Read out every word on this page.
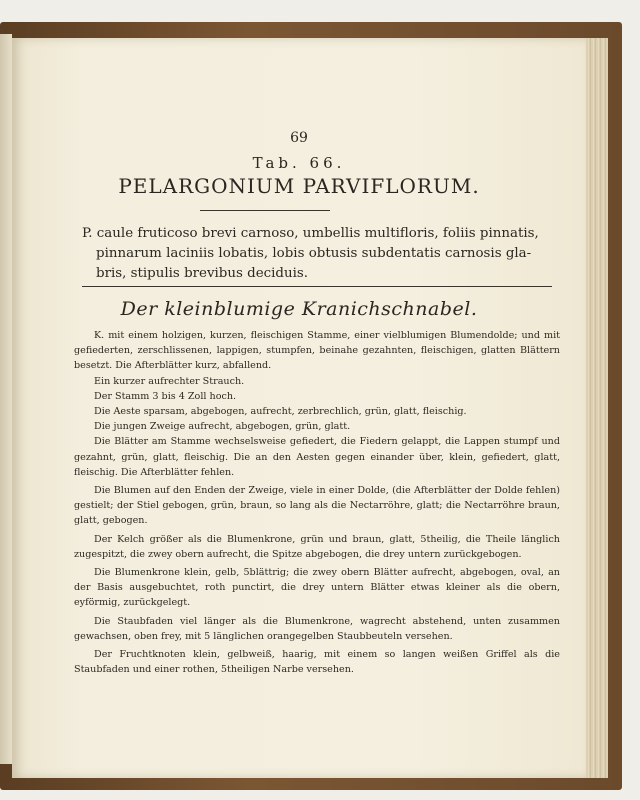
69
Tab. 66.
PELARGONIUM PARVIFLORUM.
P. caule fruticoso brevi carnoso, umbellis multifloris, foliis pinnatis,
pinnarum laciniis lobatis, lobis obtusis subdentatis carnosis gla-
bris, stipulis brevibus deciduis.
Der kleinblumige Kranichschnabel.

K. mit einem holzigen, kurzen, fleischigen Stamme, einer vielblumigen Blumendolde; und mit gefiederten, zerschlissenen, lappigen, stumpfen, beinahe gezahnten, fleischigen, glatten Blättern besetzt. Die Afterblätter kurz, abfallend.

Ein kurzer aufrechter Strauch.

Der Stamm 3 bis 4 Zoll hoch.

Die Aeste sparsam, abgebogen, aufrecht, zerbrechlich, grün, glatt, fleischig.

Die jungen Zweige aufrecht, abgebogen, grün, glatt.

Die Blätter am Stamme wechselsweise gefiedert, die Fiedern gelappt, die Lappen stumpf und gezahnt, grün, glatt, fleischig. Die an den Aesten gegen einander über, klein, gefiedert, glatt, fleischig. Die Afterblätter fehlen.

Die Blumen auf den Enden der Zweige, viele in einer Dolde, (die Afterblätter der Dolde fehlen) gestielt; der Stiel gebogen, grün, braun, so lang als die Nectarröhre, glatt; die Nectarröhre braun, glatt, gebogen.

Der Kelch größer als die Blumenkrone, grün und braun, glatt, 5theilig, die Theile länglich zugespitzt, die zwey obern aufrecht, die Spitze abgebogen, die drey untern zurückgebogen.

Die Blumenkrone klein, gelb, 5blättrig; die zwey obern Blätter aufrecht, abgebogen, oval, an der Basis ausgebuchtet, roth punctirt, die drey untern Blätter etwas kleiner als die obern, eyförmig, zurückgelegt.

Die Staubfaden viel länger als die Blumenkrone, wagrecht abstehend, unten zusammen gewachsen, oben frey, mit 5 länglichen orangegelben Staubbeuteln versehen.

Der Fruchtknoten klein, gelbweiß, haarig, mit einem so langen weißen Griffel als die Staubfaden und einer rothen, 5theiligen Narbe versehen.
